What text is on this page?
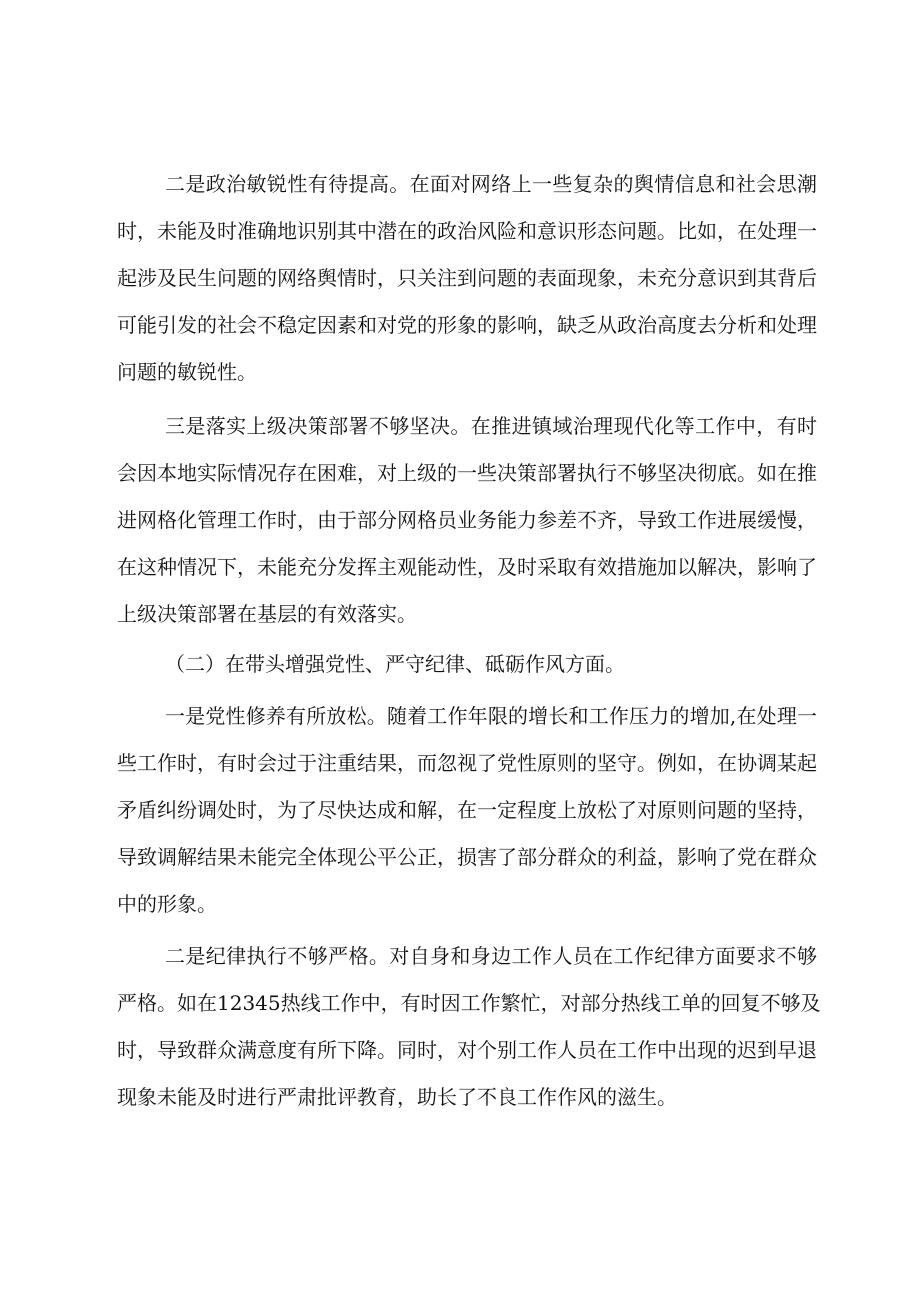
二是政治敏锐性有待提高。在面对网络上一些复杂的舆情信息和社会思潮

时，未能及时准确地识别其中潜在的政治风险和意识形态问题。比如，在处理一

起涉及民生问题的网络舆情时，只关注到问题的表面现象，未充分意识到其背后

可能引发的社会不稳定因素和对党的形象的影响，缺乏从政治高度去分析和处理

问题的敏锐性。

三是落实上级决策部署不够坚决。在推进镇域治理现代化等工作中，有时

会因本地实际情况存在困难，对上级的一些决策部署执行不够坚决彻底。如在推

进网格化管理工作时，由于部分网格员业务能力参差不齐，导致工作进展缓慢，

在这种情况下，未能充分发挥主观能动性，及时采取有效措施加以解决，影响了

上级决策部署在基层的有效落实。

（二）在带头增强党性、严守纪律、砥砺作风方面。

一是党性修养有所放松。随着工作年限的增长和工作压力的增加,在处理一

些工作时，有时会过于注重结果，而忽视了党性原则的坚守。例如，在协调某起

矛盾纠纷调处时，为了尽快达成和解，在一定程度上放松了对原则问题的坚持，

导致调解结果未能完全体现公平公正，损害了部分群众的利益，影响了党在群众

中的形象。

二是纪律执行不够严格。对自身和身边工作人员在工作纪律方面要求不够

严格。如在12345热线工作中，有时因工作繁忙，对部分热线工单的回复不够及

时，导致群众满意度有所下降。同时，对个别工作人员在工作中出现的迟到早退

现象未能及时进行严肃批评教育，助长了不良工作作风的滋生。
